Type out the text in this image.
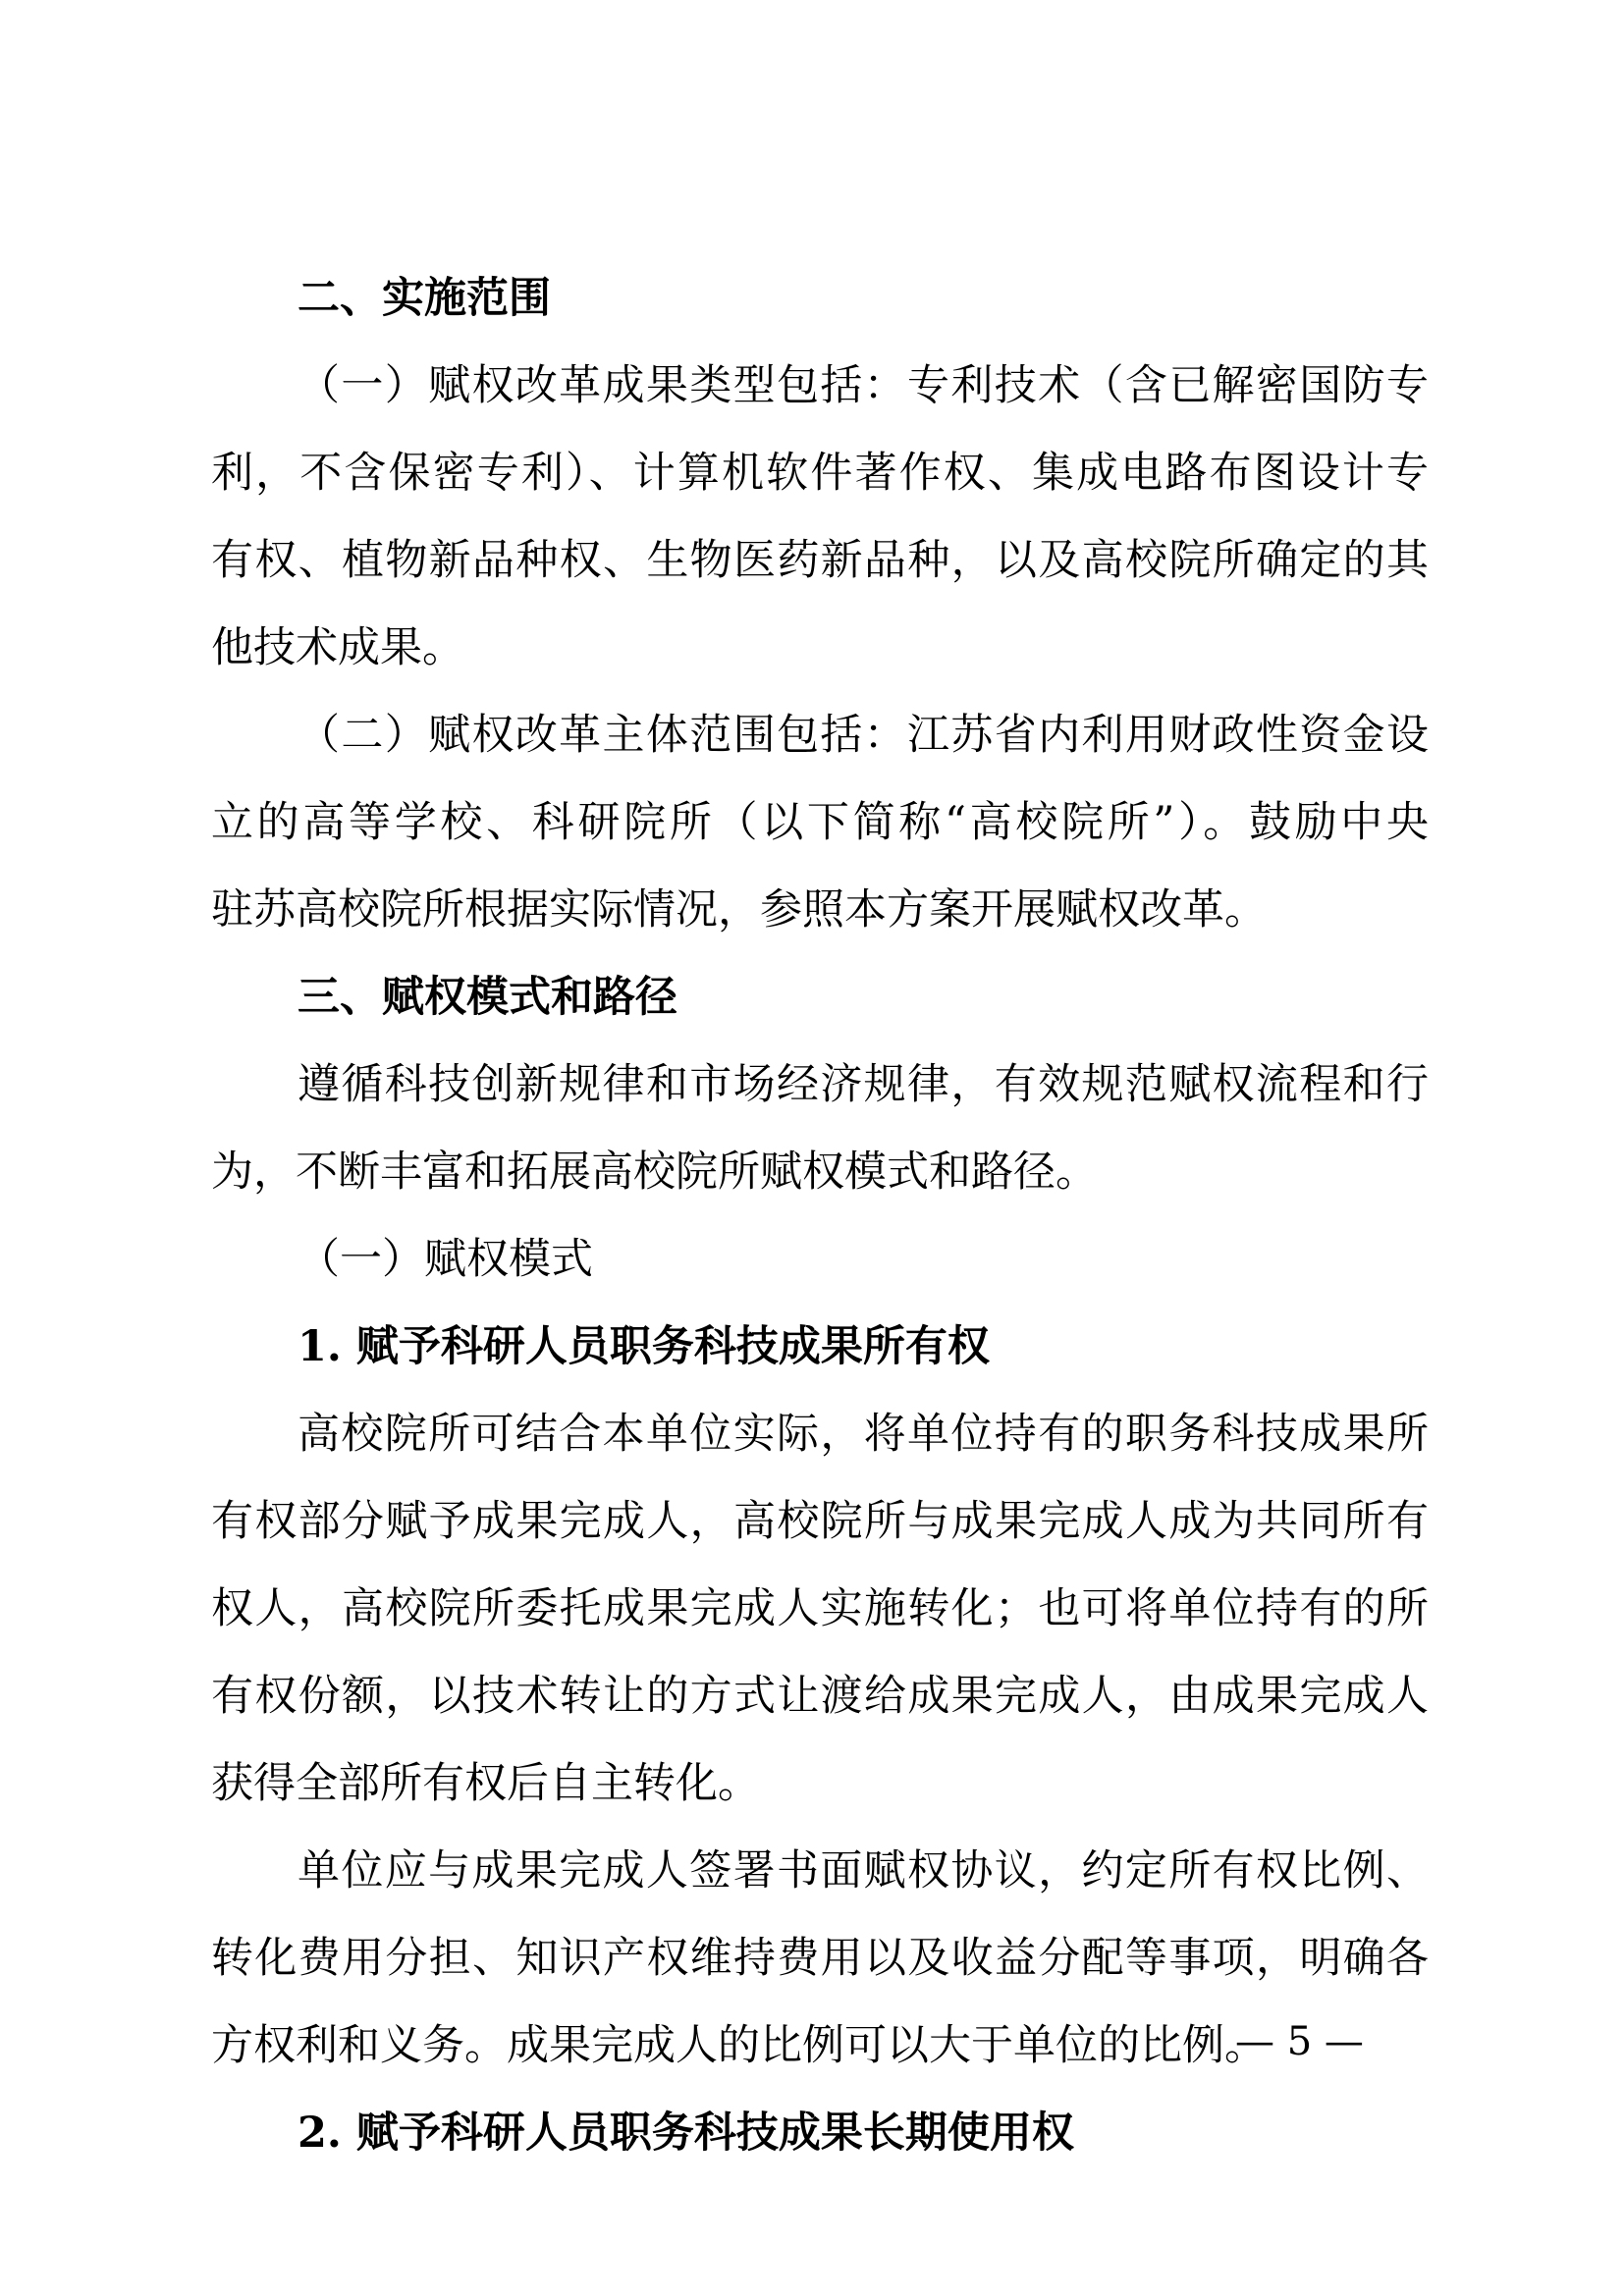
二、实施范围
（一）赋权改革成果类型包括：专利技术（含已解密国防专
利，不含保密专利）、计算机软件著作权、集成电路布图设计专
有权、植物新品种权、生物医药新品种，以及高校院所确定的其
他技术成果。
（二）赋权改革主体范围包括：江苏省内利用财政性资金设
立的高等学校、科研院所（以下简称“高校院所”）。鼓励中央
驻苏高校院所根据实际情况，参照本方案开展赋权改革。
三、赋权模式和路径
遵循科技创新规律和市场经济规律，有效规范赋权流程和行
为，不断丰富和拓展高校院所赋权模式和路径。
（一）赋权模式
1. 赋予科研人员职务科技成果所有权
高校院所可结合本单位实际，将单位持有的职务科技成果所
有权部分赋予成果完成人，高校院所与成果完成人成为共同所有
权人，高校院所委托成果完成人实施转化；也可将单位持有的所
有权份额，以技术转让的方式让渡给成果完成人，由成果完成人
获得全部所有权后自主转化。
单位应与成果完成人签署书面赋权协议，约定所有权比例、
转化费用分担、知识产权维持费用以及收益分配等事项，明确各
方权利和义务。成果完成人的比例可以大于单位的比例。
2. 赋予科研人员职务科技成果长期使用权
— 5 —
